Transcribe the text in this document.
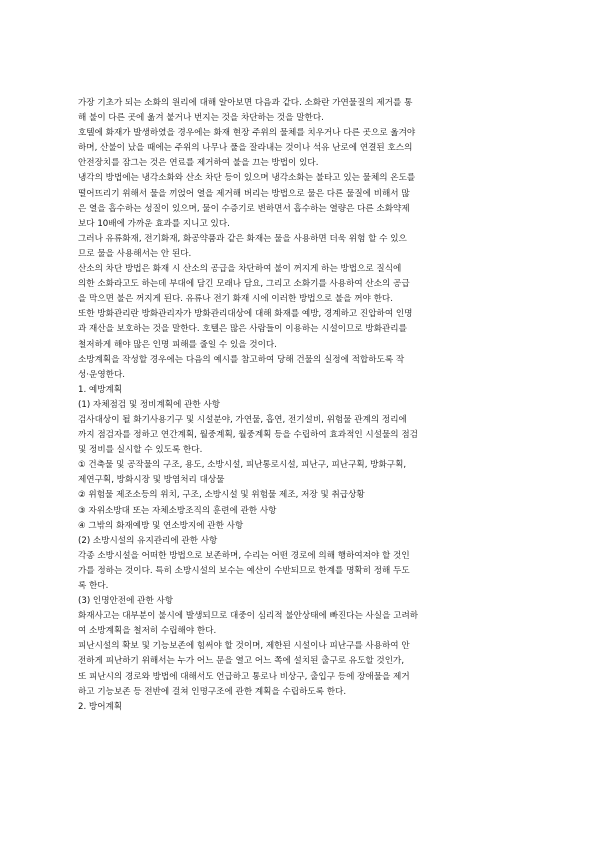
가장 기초가 되는 소화의 원리에 대해 알아보면 다음과 같다. 소화란 가연물질의 제거를 통
해 불이 다른 곳에 옮겨 붙거나 번지는 것을 차단하는 것을 말한다.
호텔에 화재가 발생하였을 경우에는 화재 현장 주위의 물체를 치우거나 다른 곳으로 옮겨야
하며, 산불이 났을 때에는 주위의 나무나 풀을 잘라내는 것이나 석유 난로에 연결된 호스의
안전장치를 잠그는 것은 연료를 제거하여 불을 끄는 방법이 있다.
냉각의 방법에는 냉각소화와 산소 차단 등이 있으며 냉각소화는 불타고 있는 물체의 온도를
떨어뜨리기 위해서 물을 끼얹어 열을 제거해 버리는 방법으로 물은 다른 물질에 비해서 많
은 열을 흡수하는 성질이 있으며, 물이 수증기로 변하면서 흡수하는 열량은 다른 소화약제
보다 10배에 가까운 효과를 지니고 있다.
그러나 유류화재, 전기화재, 화공약품과 같은 화재는 물을 사용하면 더욱 위험 할 수 있으
므로 물을 사용해서는 안 된다.
산소의 차단 방법은 화재 시 산소의 공급을 차단하여 불이 꺼지게 하는 방법으로 질식에
의한 소화라고도 하는데 부대에 담긴 모래나 담요, 그리고 소화기를 사용하여 산소의 공급
을 막으면 불은 꺼지게 된다. 유류나 전기 화재 시에 이러한 방법으로 불을 꺼야 한다.
또한 방화관리란 방화관리자가 방화관리대상에 대해 화재를 예방, 경계하고 진압하여 인명
과 재산을 보호하는 것을 말한다. 호텔은 많은 사람들이 이용하는 시설이므로 방화관리를
철저하게 해야 많은 인명 피해를 줄일 수 있을 것이다.
소방계획을 작성할 경우에는 다음의 예시를 참고하여 당해 건물의 실정에 적합하도록 작
성·운영한다.
1. 예방계획
(1) 자체점검 및 정비계획에 관한 사항
검사대상이 될 화기사용기구 및 시설분야, 가연물, 흡연, 전기설비, 위험물 관계의 정리에
까지 점검자를 정하고 연간계획, 월중계획, 월중계획 등을 수립하여 효과적인 시설물의 점검
및 정비를 실시할 수 있도록 한다.
① 건축물 및 공작물의 구조, 용도, 소방시설, 피난통로시설, 피난구, 피난구획, 방화구획,
제연구획, 방화시장 및 방염처리 대상물
② 위험물 제조소등의 위치, 구조, 소방시설 및 위험물 제조, 저장 및 취급상황
③ 자위소방대 또는 자체소방조직의 훈련에 관한 사항
④ 그밖의 화재예방 및 연소방지에 관한 사항
(2) 소방시설의 유지관리에 관한 사항
각종 소방시설을 어떠한 방법으로 보존하며, 수리는 어떤 경로에 의해 행하여져야 할 것인
가를 정하는 것이다. 특히 소방시설의 보수는 예산이 수반되므로 한계를 명확히 정해 두도
록 한다.
(3) 인명안전에 관한 사항
화재사고는 대부분이 불시에 발생되므로 대중이 심리적 불안상태에 빠진다는 사실을 고려하
여 소방계획을 철저히 수립해야 한다.
피난시설의 확보 및 기능보존에 힘써야 할 것이며, 제한된 시설이나 피난구를 사용하여 안
전하게 피난하기 위해서는 누가 어느 문을 열고 어느 쪽에 설치된 출구로 유도할 것인가,
또 피난시의 경로와 방법에 대해서도 언급하고 통로나 비상구, 출입구 등에 장애물을 제거
하고 기능보존 등 전반에 걸쳐 인명구조에 관한 계획을 수립하도록 한다.
2. 방어계획
